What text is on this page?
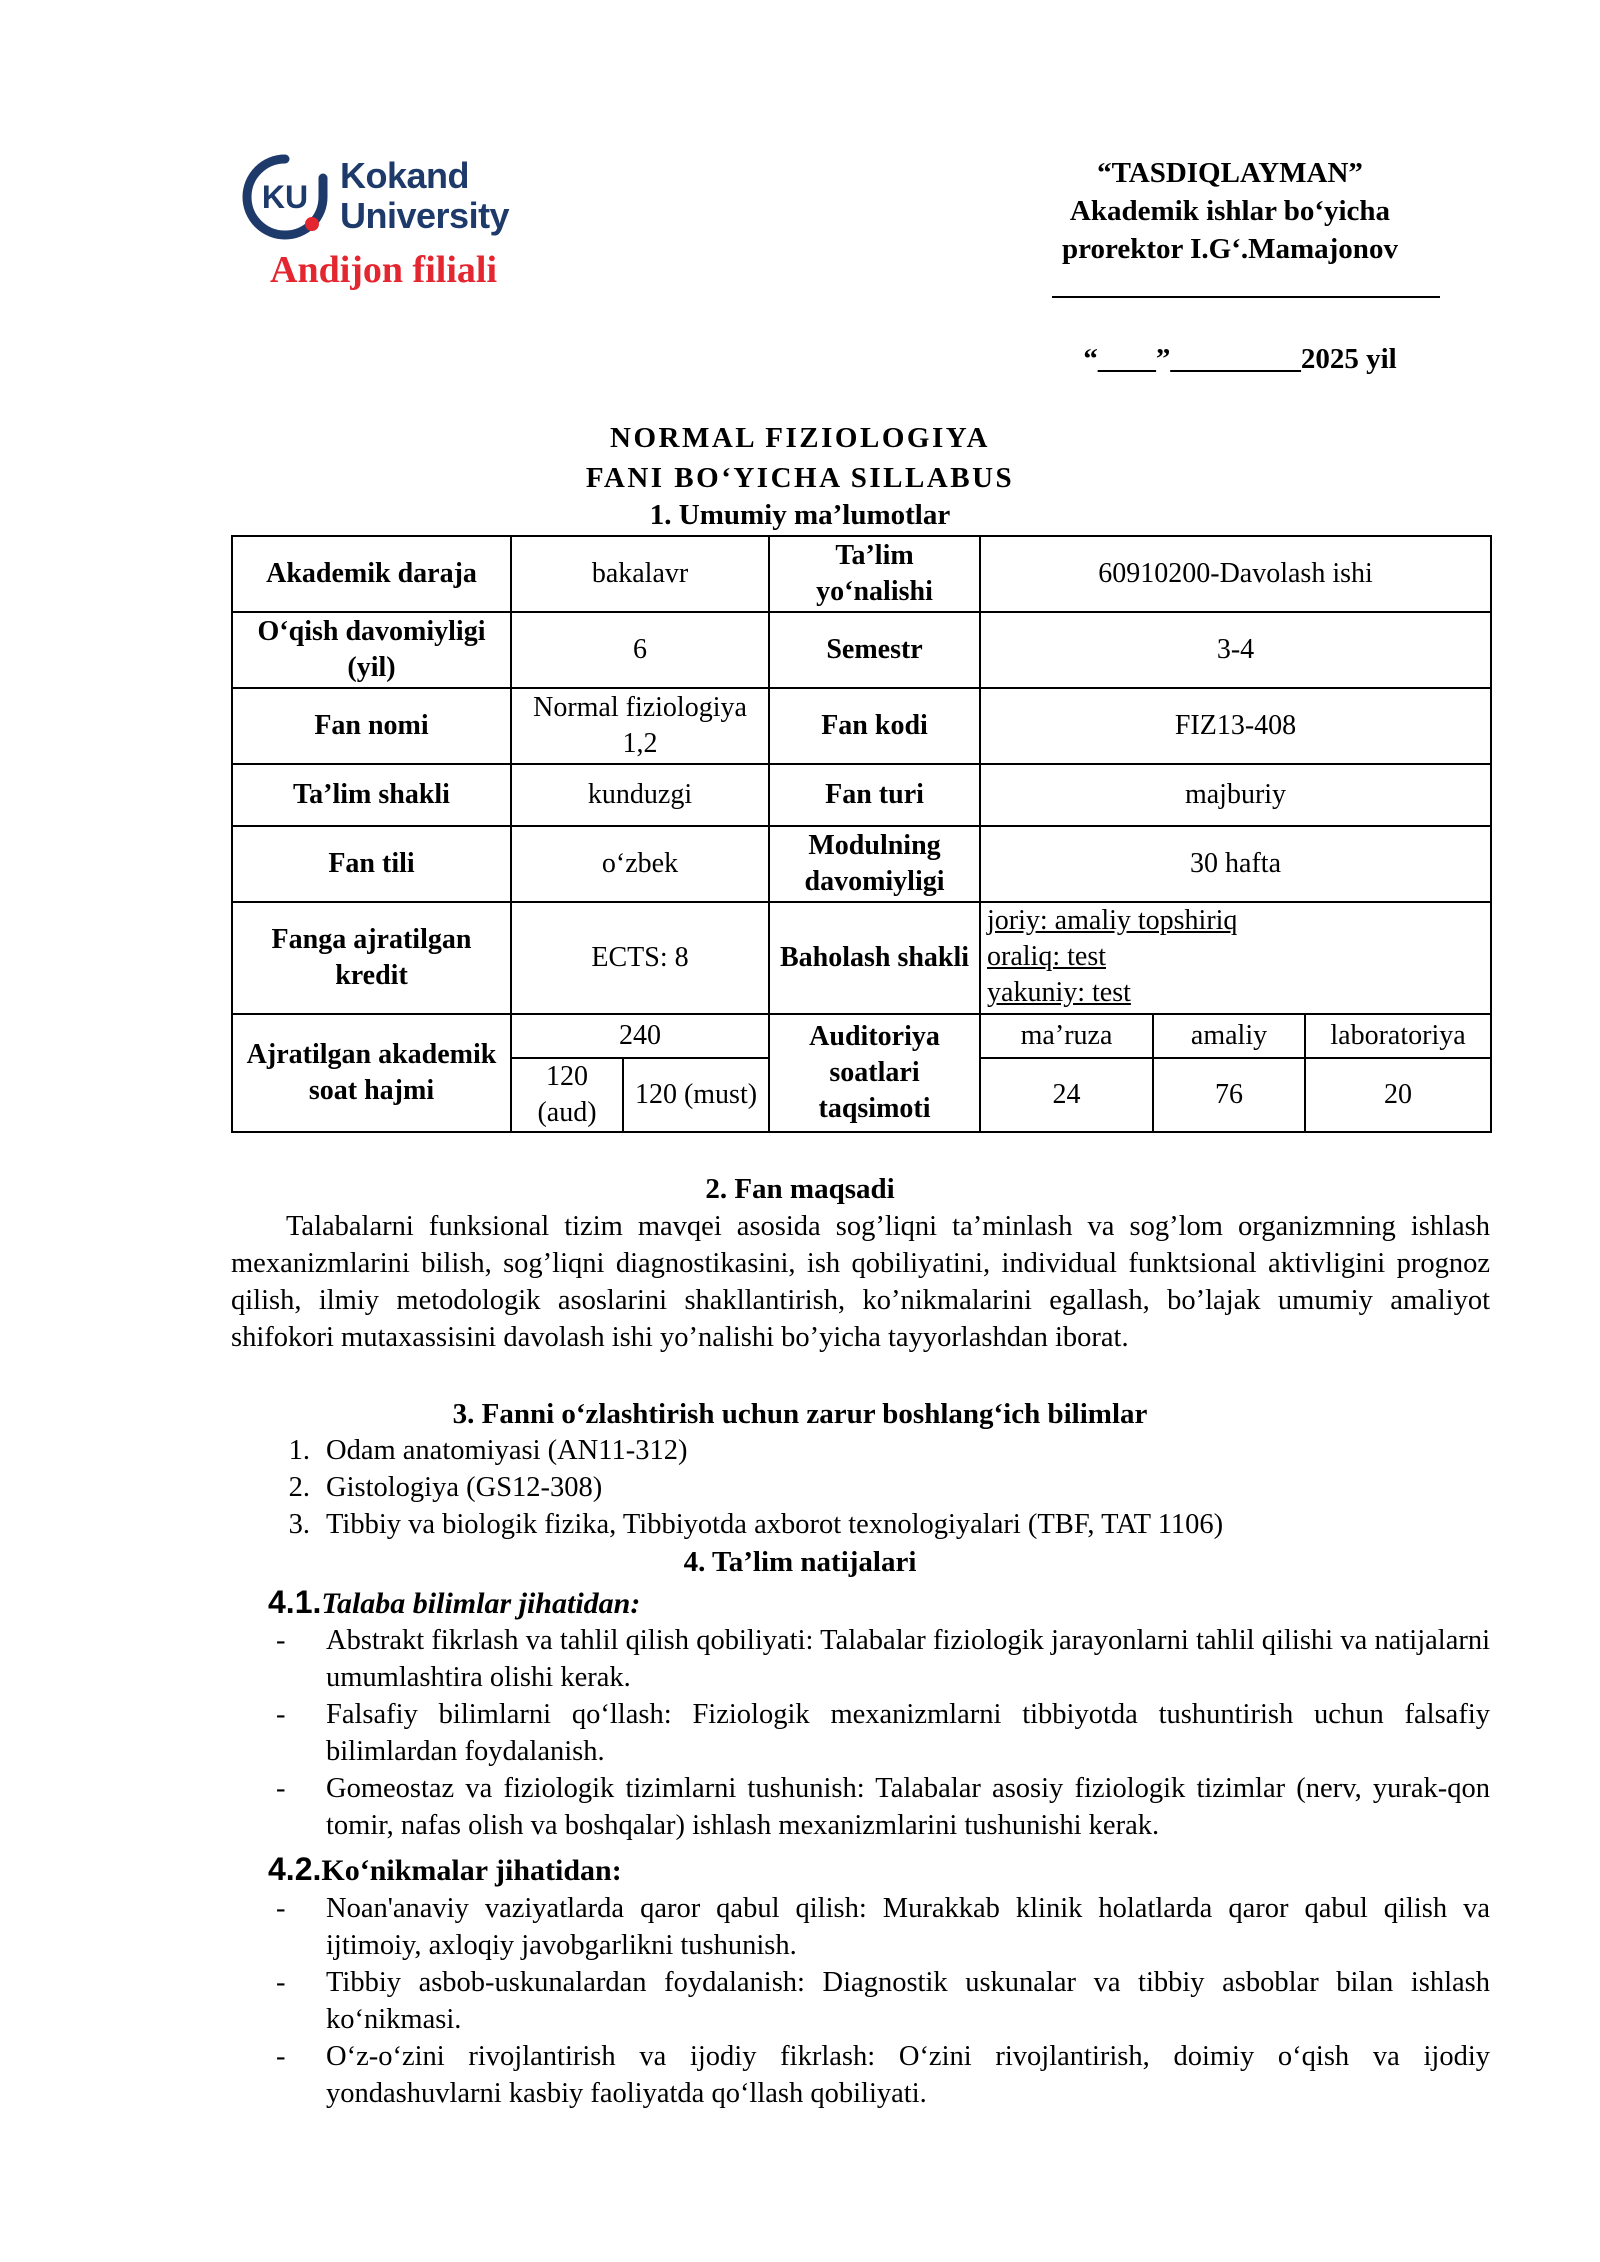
KU
Kokand
University
Andijon filiali
“TASDIQLAYMAN”
Akademik ishlar bo‘yicha
prorektor I.G‘.Mamajonov
“____”_________2025 yil
NORMAL FIZIOLOGIYA
FANI BO‘YICHA SILLABUS
1. Umumiy ma’lumotlar
Akademik daraja	bakalavr		Ta’lim yo‘nalishi	60910200-Davolash ishi		
O‘qish davomiyligi (yil)	6		Semestr	3-4		
Fan nomi	Normal fiziologiya 1,2		Fan kodi	FIZ13-408		
Ta’lim shakli	kunduzgi		Fan turi	majburiy		
Fan tili	o‘zbek		Modulning davomiyligi	30 hafta		
Fanga ajratilgan kredit	ECTS: 8		Baholash shakli	joriy: amaliy topshiriq
oraliq: test
yakuniy: test		

Ajratilgan akademik soat hajmi	240		Auditoriya soatlari taqsimoti	ma’ruza	amaliy	laboratoriya
	120 (aud)	120 (must)		24	76	20
2. Fan maqsadi
Talabalarni funksional tizim mavqei asosida sog’liqni ta’minlash va sog’lom organizmning ishlash mexanizmlarini bilish, sog’liqni diagnostikasini, ish qobiliyatini, individual funktsional aktivligini prognoz qilish, ilmiy metodologik asoslarini shakllantirish, ko’nikmalarini egallash, bo’lajak umumiy amaliyot shifokori mutaxassisini davolash ishi yo’nalishi bo’yicha tayyorlashdan iborat.
3. Fanni o‘zlashtirish uchun zarur boshlang‘ich bilimlar
1. Odam anatomiyasi (AN11-312)
2. Gistologiya (GS12-308)
3. Tibbiy va biologik fizika, Tibbiyotda axborot texnologiyalari (TBF, TAT 1106)
4. Ta’lim natijalari
4.1.Talaba bilimlar jihatidan:
-	Abstrakt fikrlash va tahlil qilish qobiliyati: Talabalar fiziologik jarayonlarni tahlil qilishi va natijalarni umumlashtira olishi kerak.
-	Falsafiy bilimlarni qo‘llash: Fiziologik mexanizmlarni tibbiyotda tushuntirish uchun falsafiy bilimlardan foydalanish.
-	Gomeostaz va fiziologik tizimlarni tushunish: Talabalar asosiy fiziologik tizimlar (nerv, yurak-qon tomir, nafas olish va boshqalar) ishlash mexanizmlarini tushunishi kerak.
4.2.Ko‘nikmalar jihatidan:
-	Noan'anaviy vaziyatlarda qaror qabul qilish: Murakkab klinik holatlarda qaror qabul qilish va ijtimoiy, axloqiy javobgarlikni tushunish.
-	Tibbiy asbob-uskunalardan foydalanish: Diagnostik uskunalar va tibbiy asboblar bilan ishlash ko‘nikmasi.
-	O‘z-o‘zini rivojlantirish va ijodiy fikrlash: O‘zini rivojlantirish, doimiy o‘qish va ijodiy yondashuvlarni kasbiy faoliyatda qo‘llash qobiliyati.
